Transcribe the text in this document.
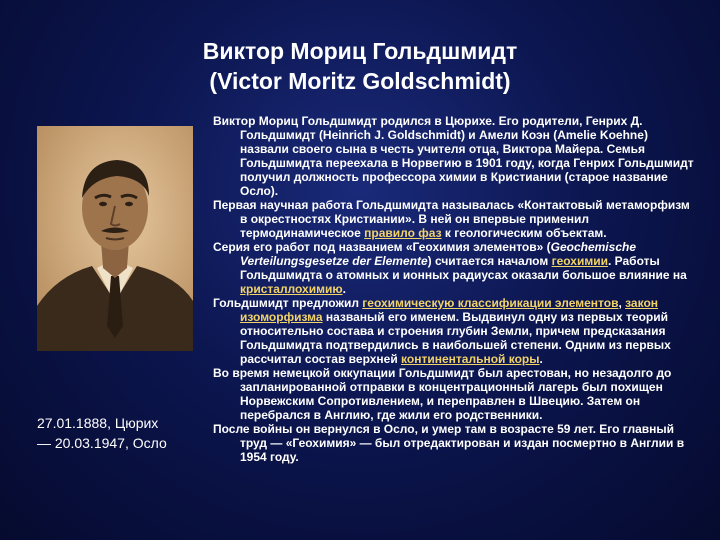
Виктор Мориц Гольдшмидт
(Victor Moritz Goldschmidt)
27.01.1888, Цюрих
— 20.03.1947, Осло

Виктор Мориц Гольдшмидт родился в Цюрихе. Его родители, Генрих Д. Гольдшмидт (Heinrich J. Goldschmidt) и Амели Коэн (Amelie Koehne) назвали своего сына в честь учителя отца, Виктора Майера. Семья Гольдшмидта переехала в Норвегию в 1901 году, когда Генрих Гольдшмидт получил должность профессора химии в Кристиании (старое название Осло).

Первая научная работа Гольдшмидта называлась «Контактовый метаморфизм в окрестностях Кристиании». В ней он впервые применил термодинамическое правило фаз к геологическим объектам.

Серия его работ под названием «Геохимия элементов» (Geochemische Verteilungsgesetze der Elemente) считается началом геохимии. Работы Гольдшмидта о атомных и ионных радиусах оказали большое влияние на кристаллохимию.

Гольдшмидт предложил геохимическую классификации элементов, закон изоморфизма названый его именем. Выдвинул одну из первых теорий относительно состава и строения глубин Земли, причем предсказания Гольдшмидта подтвердились в наибольшей степени. Одним из первых рассчитал состав верхней континентальной коры.

Во время немецкой оккупации Гольдшмидт был арестован, но незадолго до запланированной отправки в концентрационный лагерь был похищен Норвежским Сопротивлением, и переправлен в Швецию. Затем он перебрался в Англию, где жили его родственники.

После войны он вернулся в Осло, и умер там в возрасте 59 лет. Его главный труд — «Геохимия» — был отредактирован и издан посмертно в Англии в 1954 году.
